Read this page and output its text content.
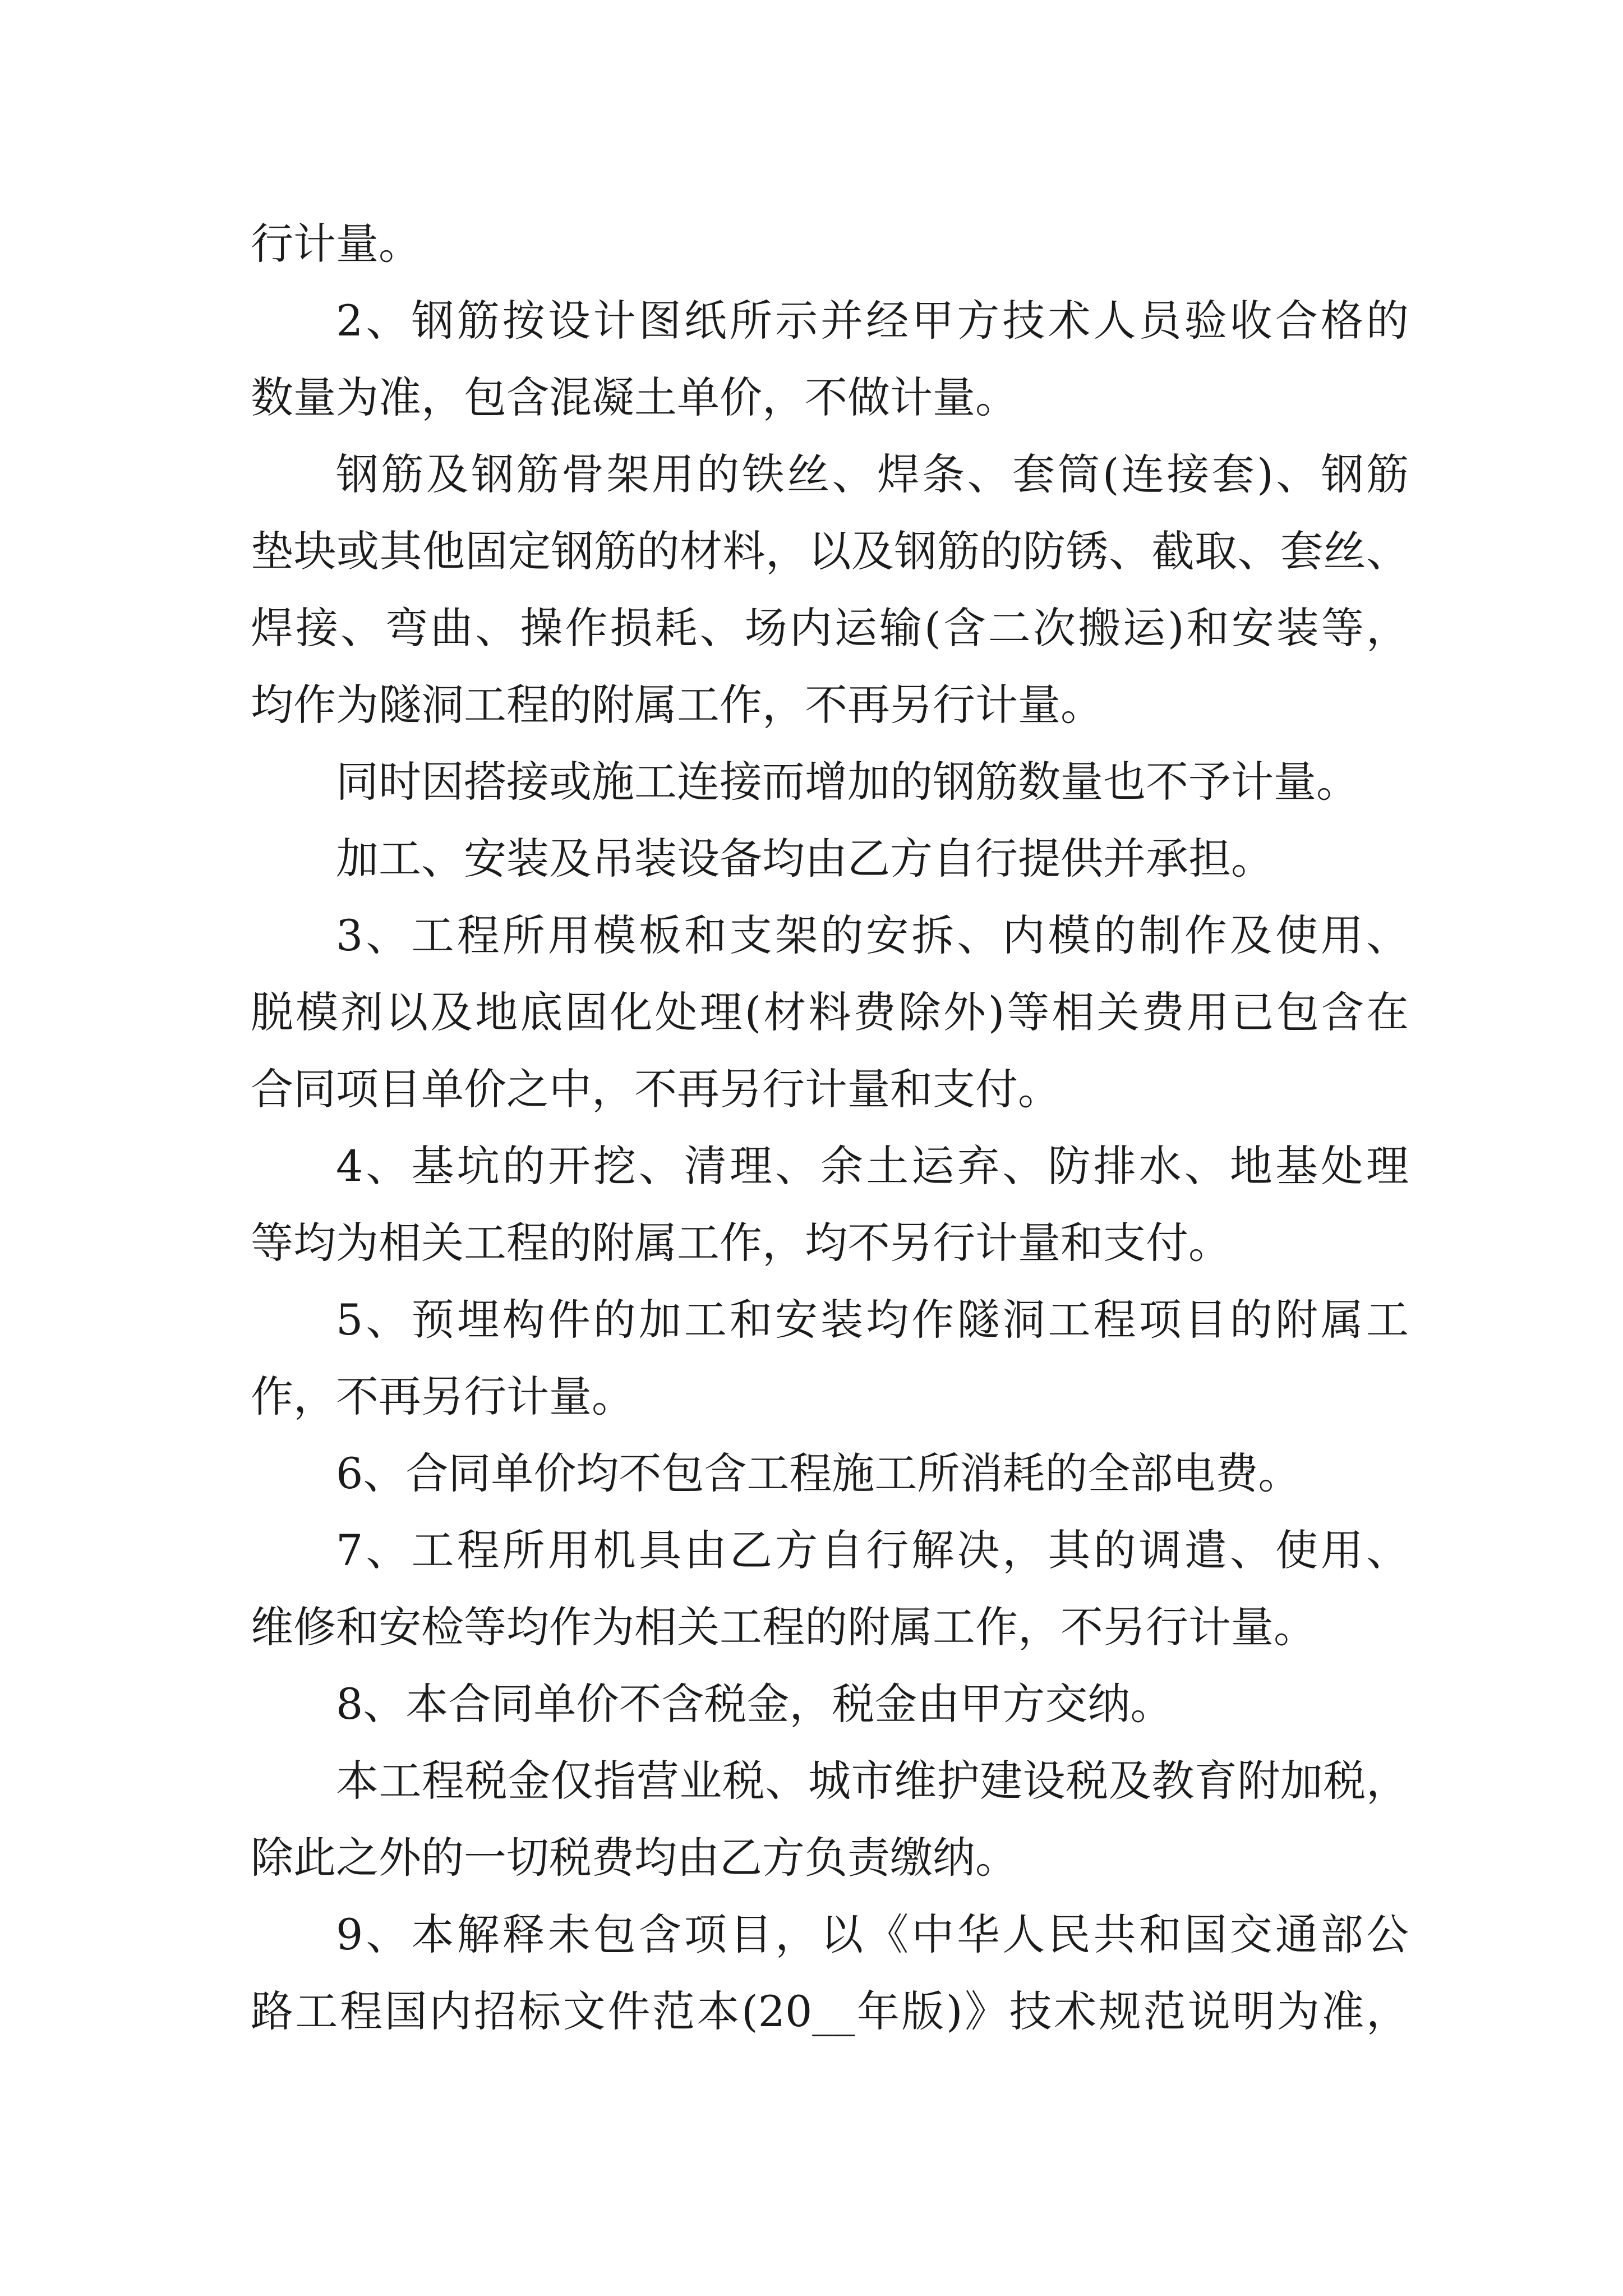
行计量。
2、钢筋按设计图纸所示并经甲方技术人员验收合格的
数量为准，包含混凝土单价，不做计量。
钢筋及钢筋骨架用的铁丝、焊条、套筒(连接套)、钢筋
垫块或其他固定钢筋的材料，以及钢筋的防锈、截取、套丝、
焊接、弯曲、操作损耗、场内运输(含二次搬运)和安装等，
均作为隧洞工程的附属工作，不再另行计量。
同时因搭接或施工连接而增加的钢筋数量也不予计量。
加工、安装及吊装设备均由乙方自行提供并承担。
3、工程所用模板和支架的安拆、内模的制作及使用、
脱模剂以及地底固化处理(材料费除外)等相关费用已包含在
合同项目单价之中，不再另行计量和支付。
4、基坑的开挖、清理、余土运弃、防排水、地基处理
等均为相关工程的附属工作，均不另行计量和支付。
5、预埋构件的加工和安装均作隧洞工程项目的附属工
作，不再另行计量。
6、合同单价均不包含工程施工所消耗的全部电费。
7、工程所用机具由乙方自行解决，其的调遣、使用、
维修和安检等均作为相关工程的附属工作，不另行计量。
8、本合同单价不含税金，税金由甲方交纳。
本工程税金仅指营业税、城市维护建设税及教育附加税，
除此之外的一切税费均由乙方负责缴纳。
9、本解释未包含项目，以《中华人民共和国交通部公
路工程国内招标文件范本(20__年版)》技术规范说明为准，
